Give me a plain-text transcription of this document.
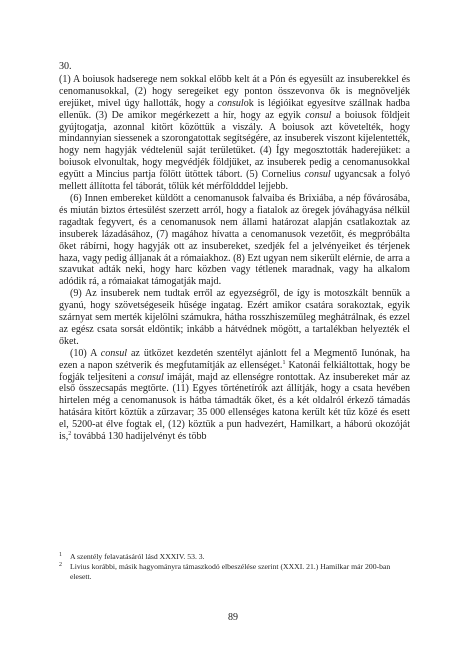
30.

(1) A boiusok hadserege nem sokkal előbb kelt át a Pón és egyesült az insuberekkel és cenomanusokkal, (2) hogy seregeiket egy ponton összevonva ők is megnöveljék erejüket, mivel úgy hallották, hogy a consulok is légióikat egyesítve szállnak hadba ellenük. (3) De amikor megérkezett a hír, hogy az egyik consul a boiusok földjeit gyújtogatja, azonnal kitört közöttük a viszály. A boiusok azt követelték, hogy mindannyian siessenek a szorongatottak segítségére, az insuberek viszont kijelentették, hogy nem hagyják védtelenül saját területüket. (4) Így megosztották haderejüket: a boiusok elvonultak, hogy megvédjék földjüket, az insuberek pedig a cenomanusokkal együtt a Mincius partja fölött ütöttek tábort. (5) Cornelius consul ugyancsak a folyó mellett állította fel táborát, tőlük két mérföldddel lejjebb.

(6) Innen embereket küldött a cenomanusok falvaiba és Brixiába, a nép fővárosába, és miután biztos értesülést szerzett arról, hogy a fiatalok az öregek jóváhagyása nélkül ragadtak fegyvert, és a cenomanusok nem állami határozat alapján csatlakoztak az insuberek lázadásához, (7) magához hívatta a cenomanusok vezetőit, és megpróbálta őket rábírni, hogy hagyják ott az insubereket, szedjék fel a jelvényeiket és térjenek haza, vagy pedig álljanak át a rómaiakhoz. (8) Ezt ugyan nem sikerült elérnie, de arra a szavukat adták neki, hogy harc közben vagy tétlenek maradnak, vagy ha alkalom adódik rá, a rómaiakat támogatják majd.

(9) Az insuberek nem tudtak erről az egyezségről, de így is motoszkált bennük a gyanú, hogy szövetségeseik hűsége ingatag. Ezért amikor csatára sorakoztak, egyik szárnyat sem merték kijelölni számukra, hátha rosszhiszeműleg meghátrálnak, és ezzel az egész csata sorsát eldöntik; inkább a hátvédnek mögött, a tartalékban helyezték el őket.

(10) A consul az ütközet kezdetén szentélyt ajánlott fel a Megmentő Iunónak, ha ezen a napon szétverik és megfutamítják az ellenséget.$^1$ Katonái felkiáltottak, hogy be fogják teljesíteni a consul imáját, majd az ellenségre rontottak. Az insubereket már az első összecsapás megtörte. (11) Egyes történetírók azt állítják, hogy a csata hevében hirtelen még a cenomanusok is hátba támadták őket, és a két oldalról érkező támadás hatására kitört köztük a zűrzavar; 35 000 ellenséges katona került két tűz közé és esett el, 5200-at élve fogtak el, (12) köztük a pun hadvezért, Hamilkart, a háború okozóját is,$^2$ továbbá 130 hadijelvényt és több

1 A szentély felavatásáról lásd XXXIV. 53. 3.

2 Livius korábbi, másik hagyományra támaszkodó elbeszélése szerint (XXXI. 21.) Hamilkar már 200-ban elesett.

89
